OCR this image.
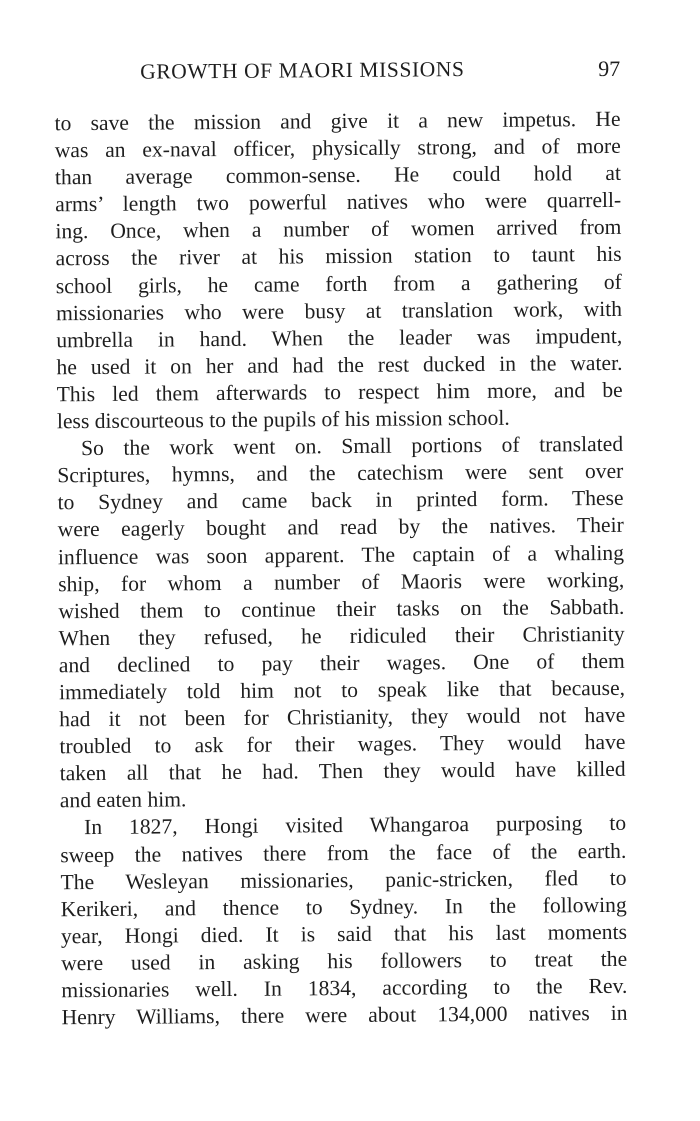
GROWTH OF MAORI MISSIONS	97
to save the mission and give it a new impetus. He
was an ex-naval officer, physically strong, and of more
than average common-sense. He could hold at
arms’ length two powerful natives who were quarrell-
ing. Once, when a number of women arrived from
across the river at his mission station to taunt his
school girls, he came forth from a gathering of
missionaries who were busy at translation work, with
umbrella in hand. When the leader was impudent,
he used it on her and had the rest ducked in the water.
This led them afterwards to respect him more, and be
less discourteous to the pupils of his mission school.
So the work went on. Small portions of translated
Scriptures, hymns, and the catechism were sent over
to Sydney and came back in printed form. These
were eagerly bought and read by the natives. Their
influence was soon apparent. The captain of a whaling
ship, for whom a number of Maoris were working,
wished them to continue their tasks on the Sabbath.
When they refused, he ridiculed their Christianity
and declined to pay their wages. One of them
immediately told him not to speak like that because,
had it not been for Christianity, they would not have
troubled to ask for their wages. They would have
taken all that he had. Then they would have killed
and eaten him.
In 1827, Hongi visited Whangaroa purposing to
sweep the natives there from the face of the earth.
The Wesleyan missionaries, panic-stricken, fled to
Kerikeri, and thence to Sydney. In the following
year, Hongi died. It is said that his last moments
were used in asking his followers to treat the
missionaries well. In 1834, according to the Rev.
Henry Williams, there were about 134,000 natives in
